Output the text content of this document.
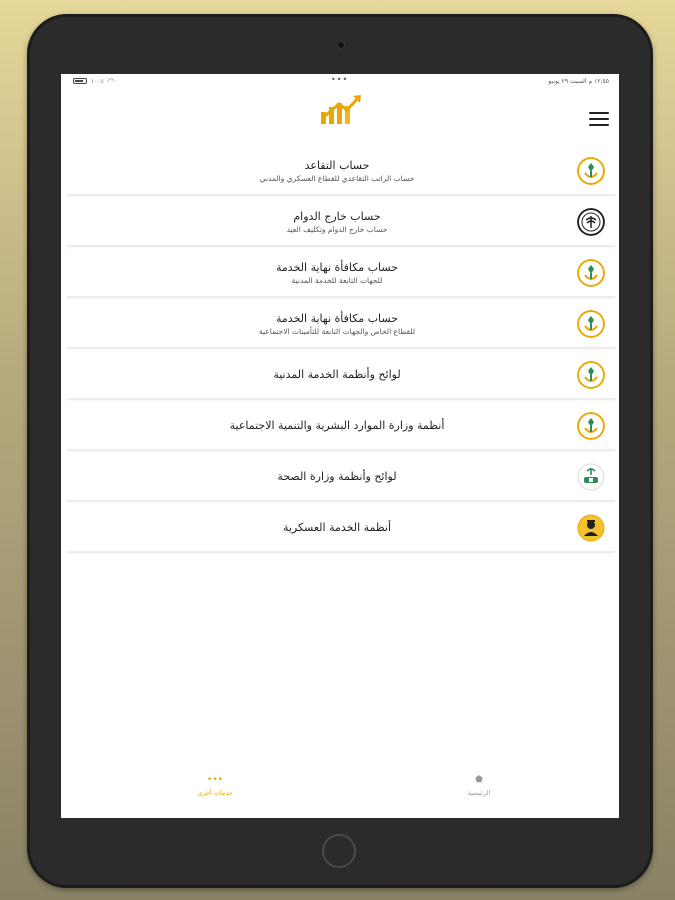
١٠٠٪ ◠	•••	١٢:٥٥ م السبت ٢٩ يونيو
حساب التقاعد
حساب الراتب التقاعدي للقطاع العسكري والمدني
حساب خارج الدوام
حساب خارج الدوام وتكليف العيد
حساب مكافأة نهاية الخدمة
للجهات التابعة للخدمة المدنية
حساب مكافأة نهاية الخدمة
للقطاع الخاص والجهات التابعة للتأمينات الاجتماعية
لوائح وأنظمة الخدمة المدنية
أنظمة وزارة الموارد البشرية والتنمية الاجتماعية
لوائح وأنظمة وزارة الصحة
أنظمة الخدمة العسكرية
•••
خدمات أخرى
⬟
الرئيسية
